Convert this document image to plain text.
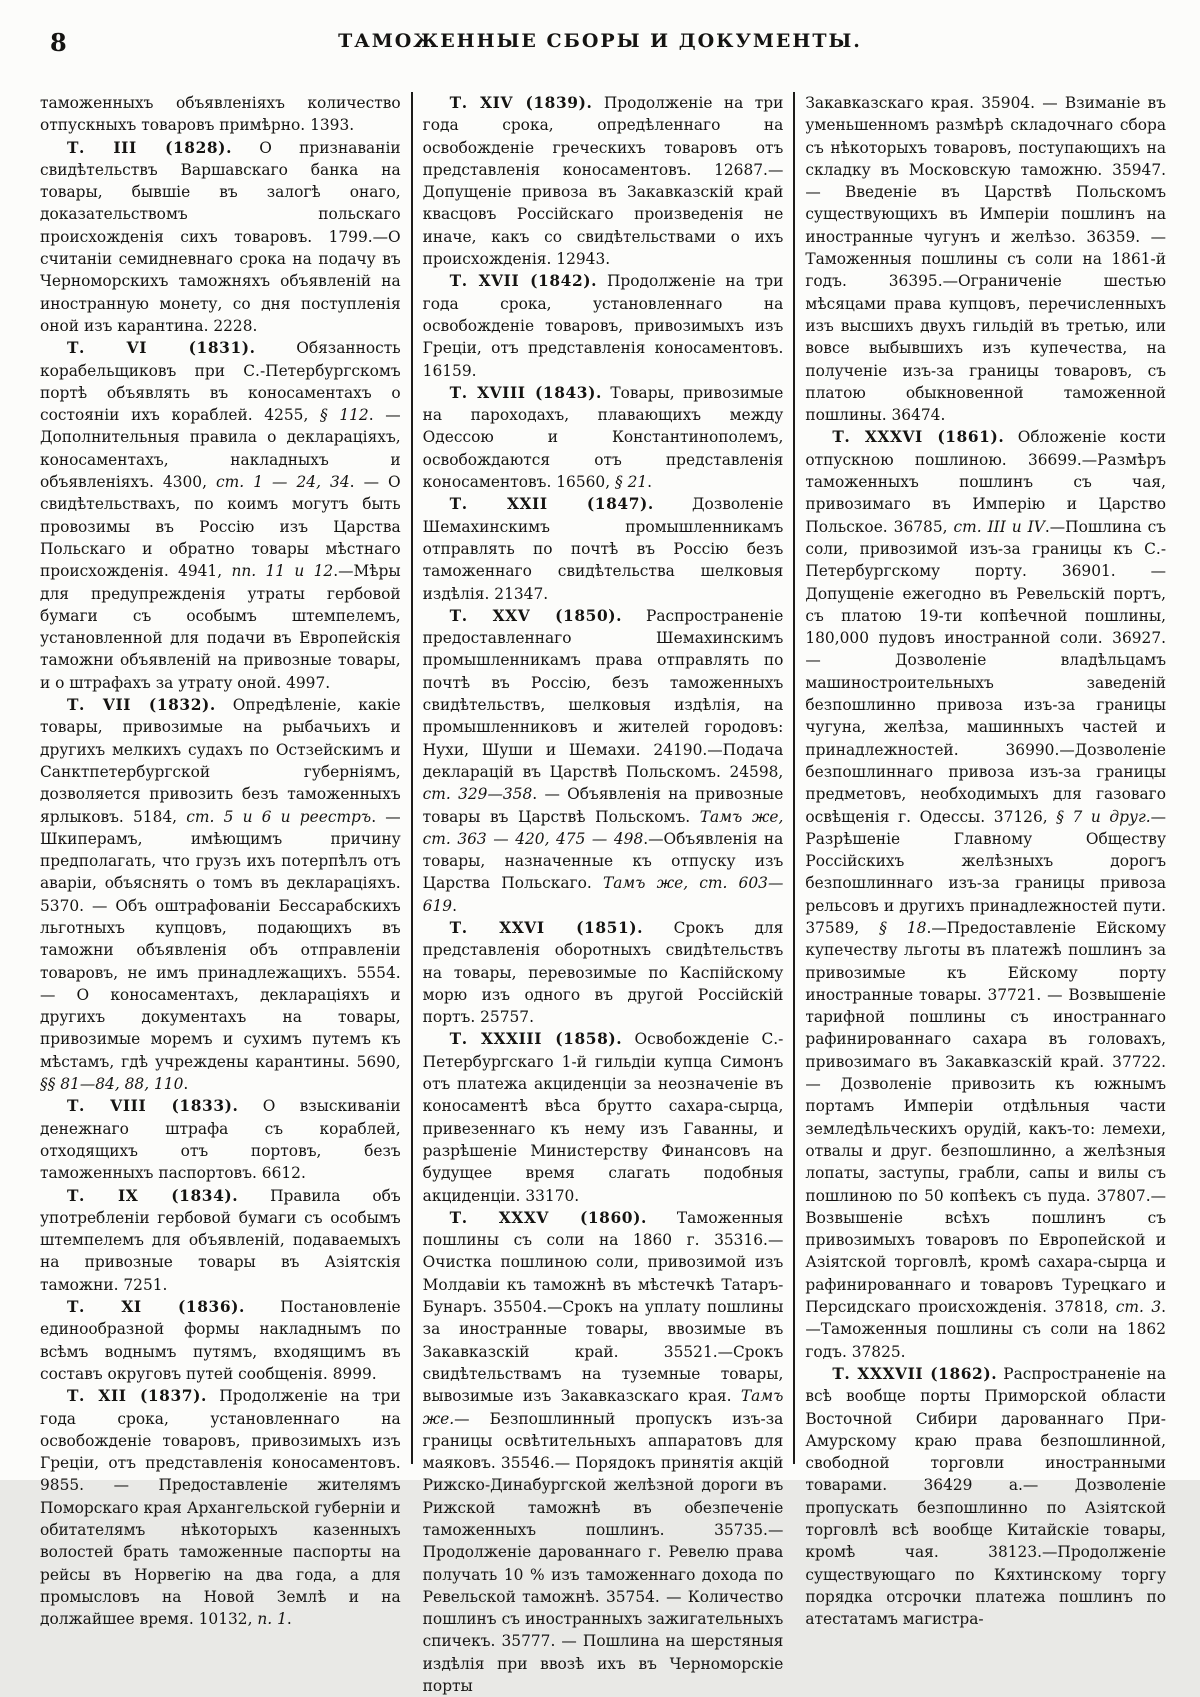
8	ТАМОЖЕННЫЕ СБОРЫ И ДОКУМЕНТЫ.

таможенныхъ объявленіяхъ количество отпускныхъ товаровъ примѣрно. 1393.

Т. III (1828). О признаваніи свидѣтельствъ Варшавскаго банка на товары, бывшіе въ залогѣ онаго, доказательствомъ польскаго происхожденія сихъ товаровъ. 1799.—О считаніи семидневнаго срока на подачу въ Черноморскихъ таможняхъ объявленій на иностранную монету, со дня поступленія оной изъ карантина. 2228.

Т. VI (1831).	Обязанность корабельщиковъ при С.-Петербургскомъ портѣ объявлять въ коносаментахъ о состояніи ихъ кораблей. 4255, § 112. — Дополнительныя правила о деклараціяхъ, коносаментахъ, накладныхъ и объявленіяхъ. 4300, ст. 1 — 24, 34. — О свидѣтельствахъ, по коимъ могутъ быть провозимы въ Россію изъ Царства Польскаго и обратно товары мѣстнаго происхожденія. 4941, пп. 11 и 12.—Мѣры для предупрежденія утраты гербовой бумаги съ особымъ штемпелемъ, установленной для подачи въ Европейскія таможни объявленій на привозные товары, и о штрафахъ за утрату оной. 4997.

Т. VII (1832). Опредѣленіе, какіе товары, привозимые на рыбачьихъ и другихъ мелкихъ судахъ по Остзейскимъ и Санктпетербургской губерніямъ, дозволяется привозить безъ таможенныхъ ярлыковъ. 5184, ст. 5 и 6 и реестръ. — Шкиперамъ, имѣющимъ причину предполагать, что грузъ ихъ потерпѣлъ отъ аваріи, объяснять о томъ въ деклараціяхъ. 5370. — Объ оштрафованіи Бессарабскихъ льготныхъ купцовъ, подающихъ въ таможни объявленія объ отправленіи товаровъ, не имъ принадлежащихъ. 5554. — О коносаментахъ, деклараціяхъ и другихъ документахъ на товары, привозимые моремъ и сухимъ путемъ къ мѣстамъ, гдѣ учреждены карантины. 5690, §§ 81—84, 88, 110.

Т. VIII (1833). О взыскиваніи денежнаго штрафа съ кораблей, отходящихъ отъ портовъ, безъ таможенныхъ паспортовъ. 6612.

Т. IX (1834). Правила объ употребленіи гербовой бумаги съ особымъ штемпелемъ для объявленій, подаваемыхъ на привозные товары въ Азіятскія таможни. 7251.

Т. XI (1836). Постановленіе единообразной формы накладнымъ по всѣмъ воднымъ путямъ, входящимъ въ составъ округовъ путей сообщенія. 8999.

Т. XII (1837). Продолженіе на три года срока, установленнаго на освобожденіе товаровъ, привозимыхъ изъ Греціи, отъ представленія коносаментовъ. 9855. — Предоставленіе жителямъ Поморскаго края Архангельской губерніи и обитателямъ нѣкоторыхъ казенныхъ волостей брать таможенные паспорты на рейсы въ Норвегію на два года, а для промысловъ на Новой Землѣ и на должайшее время. 10132, п. 1.

Т. XIV (1839). Продолженіе на три года срока, опредѣленнаго на освобожденіе греческихъ товаровъ отъ представленія коносаментовъ. 12687.—Допущеніе привоза въ Закавказскій край квасцовъ Россійскаго произведенія не иначе, какъ со свидѣтельствами о ихъ происхожденія. 12943.

Т. XVII (1842). Продолженіе на три года срока, установленнаго на освобожденіе товаровъ, привозимыхъ изъ Греціи, отъ представленія коносаментовъ. 16159.

Т. XVIII (1843). Товары, привозимые на пароходахъ, плавающихъ между Одессою и Константинополемъ, освобождаются отъ представленія коносаментовъ. 16560, § 21.

Т. XXII (1847). Дозволеніе Шемахинскимъ промышленникамъ отправлять по почтѣ въ Россію безъ таможеннаго свидѣтельства шелковыя издѣлія. 21347.

Т. XXV (1850). Распространеніе предоставленнаго Шемахинскимъ промышленникамъ права отправлять по почтѣ въ Россію, безъ таможенныхъ свидѣтельствъ, шелковыя издѣлія, на промышленниковъ и жителей городовъ: Нухи, Шуши и Шемахи. 24190.—Подача декларацій въ Царствѣ Польскомъ. 24598, ст. 329—358. — Объявленія на привозные товары въ Царствѣ Польскомъ. Тамъ же, ст. 363 — 420, 475 — 498.—Объявленія на товары, назначенные къ отпуску изъ Царства Польскаго. Тамъ же, ст. 603—619.

Т. XXVI (1851). Срокъ для представленія оборотныхъ свидѣтельствъ на товары, перевозимые по Каспійскому морю изъ одного въ другой Россійскій портъ. 25757.

Т. XXXIII (1858). Освобожденіе С.-Петербургскаго 1-й гильдіи купца Симонъ отъ платежа акциденціи за неозначеніе въ коносаментѣ вѣса брутто сахара-сырца, привезеннаго къ нему изъ Гаванны, и разрѣшеніе Министерству Финансовъ на будущее время слагать подобныя акциденціи. 33170.

Т. XXXV (1860). Таможенныя пошлины съ соли на 1860 г. 35316.—Очистка пошлиною соли, привозимой изъ Молдавіи къ таможнѣ въ мѣстечкѣ Татаръ-Бунаръ. 35504.—Срокъ на уплату пошлины за иностранные товары, ввозимые въ Закавказскій край. 35521.—Срокъ свидѣтельствамъ на туземные товары, вывозимые изъ Закавказскаго края. Тамъ же.— Безпошлинный пропускъ изъ-за границы освѣтительныхъ аппаратовъ для маяковъ. 35546.— Порядокъ принятія акцій Рижско-Динабургской желѣзной дороги въ Рижской таможнѣ въ обезпеченіе таможенныхъ пошлинъ. 35735.— Продолженіе дарованнаго г. Ревелю права получать 10 % изъ таможеннаго дохода по Ревельской таможнѣ. 35754. — Количество пошлинъ съ иностранныхъ зажигательныхъ спичекъ. 35777. — Пошлина на шерстяныя издѣлія при ввозѣ ихъ въ Черноморскіе порты

Закавказскаго края. 35904. — Взиманіе въ уменьшенномъ размѣрѣ складочнаго сбора съ нѣкоторыхъ товаровъ, поступающихъ на складку въ Московскую таможню. 35947. — Введеніе въ Царствѣ Польскомъ существующихъ въ Имперіи пошлинъ на иностранные чугунъ и желѣзо. 36359. — Таможенныя пошлины съ соли на 1861-й годъ. 36395.—Ограниченіе шестью мѣсяцами права купцовъ, перечисленныхъ изъ высшихъ двухъ гильдій въ третью, или вовсе выбывшихъ изъ купечества, на полученіе изъ-за границы товаровъ, съ платою обыкновенной таможенной пошлины. 36474.

Т. XXXVI (1861). Обложеніе кости отпускною пошлиною. 36699.—Размѣръ таможенныхъ пошлинъ съ чая, привозимаго въ Имперію и Царство Польское. 36785, ст. III и IV.—Пошлина съ соли, привозимой изъ-за границы къ С.-Петербургскому порту. 36901. — Допущеніе ежегодно въ Ревельскій портъ, съ платою 19-ти копѣечной пошлины, 180,000 пудовъ иностранной соли. 36927. — Дозволеніе владѣльцамъ машиностроительныхъ заведеній безпошлинно привоза изъ-за границы чугуна, желѣза, машинныхъ частей и принадлежностей. 36990.—Дозволеніе безпошлиннаго привоза изъ-за границы предметовъ, необходимыхъ для газоваго освѣщенія г. Одессы. 37126, § 7 и друг.—Разрѣшеніе Главному Обществу Россійскихъ желѣзныхъ дорогъ безпошлиннаго изъ-за границы привоза рельсовъ и другихъ принадлежностей пути. 37589, § 18.—Предоставленіе Ейскому купечеству льготы въ платежѣ пошлинъ за привозимые къ Ейскому порту иностранные товары. 37721. — Возвышеніе тарифной пошлины съ иностраннаго рафинированнаго сахара въ головахъ, привозимаго въ Закавказскій край. 37722. — Дозволеніе привозить къ южнымъ портамъ Имперіи отдѣльныя части земледѣльческихъ орудій, какъ-то: лемехи, отвалы и друг. безпошлинно, а желѣзныя лопаты, заступы, грабли, сапы и вилы съ пошлиною по 50 копѣекъ съ пуда. 37807.—Возвышеніе всѣхъ пошлинъ съ привозимыхъ товаровъ по Европейской и Азіятской торговлѣ, кромѣ сахара-сырца и рафинированнаго и товаровъ Турецкаго и Персидскаго происхожденія. 37818, ст. 3.—Таможенныя пошлины съ соли на 1862 годъ. 37825.

Т. XXXVII (1862). Распространеніе на всѣ вообще порты Приморской области Восточной Сибири дарованнаго При-Амурскому краю права безпошлинной, свободной торговли иностранными товарами. 36429 а.— Дозволеніе пропускать безпошлинно по Азіятской торговлѣ всѣ вообще Китайскіе товары, кромѣ чая. 38123.—Продолженіе существующаго по Кяхтинскому торгу порядка отсрочки платежа пошлинъ по атестатамъ магистра-
